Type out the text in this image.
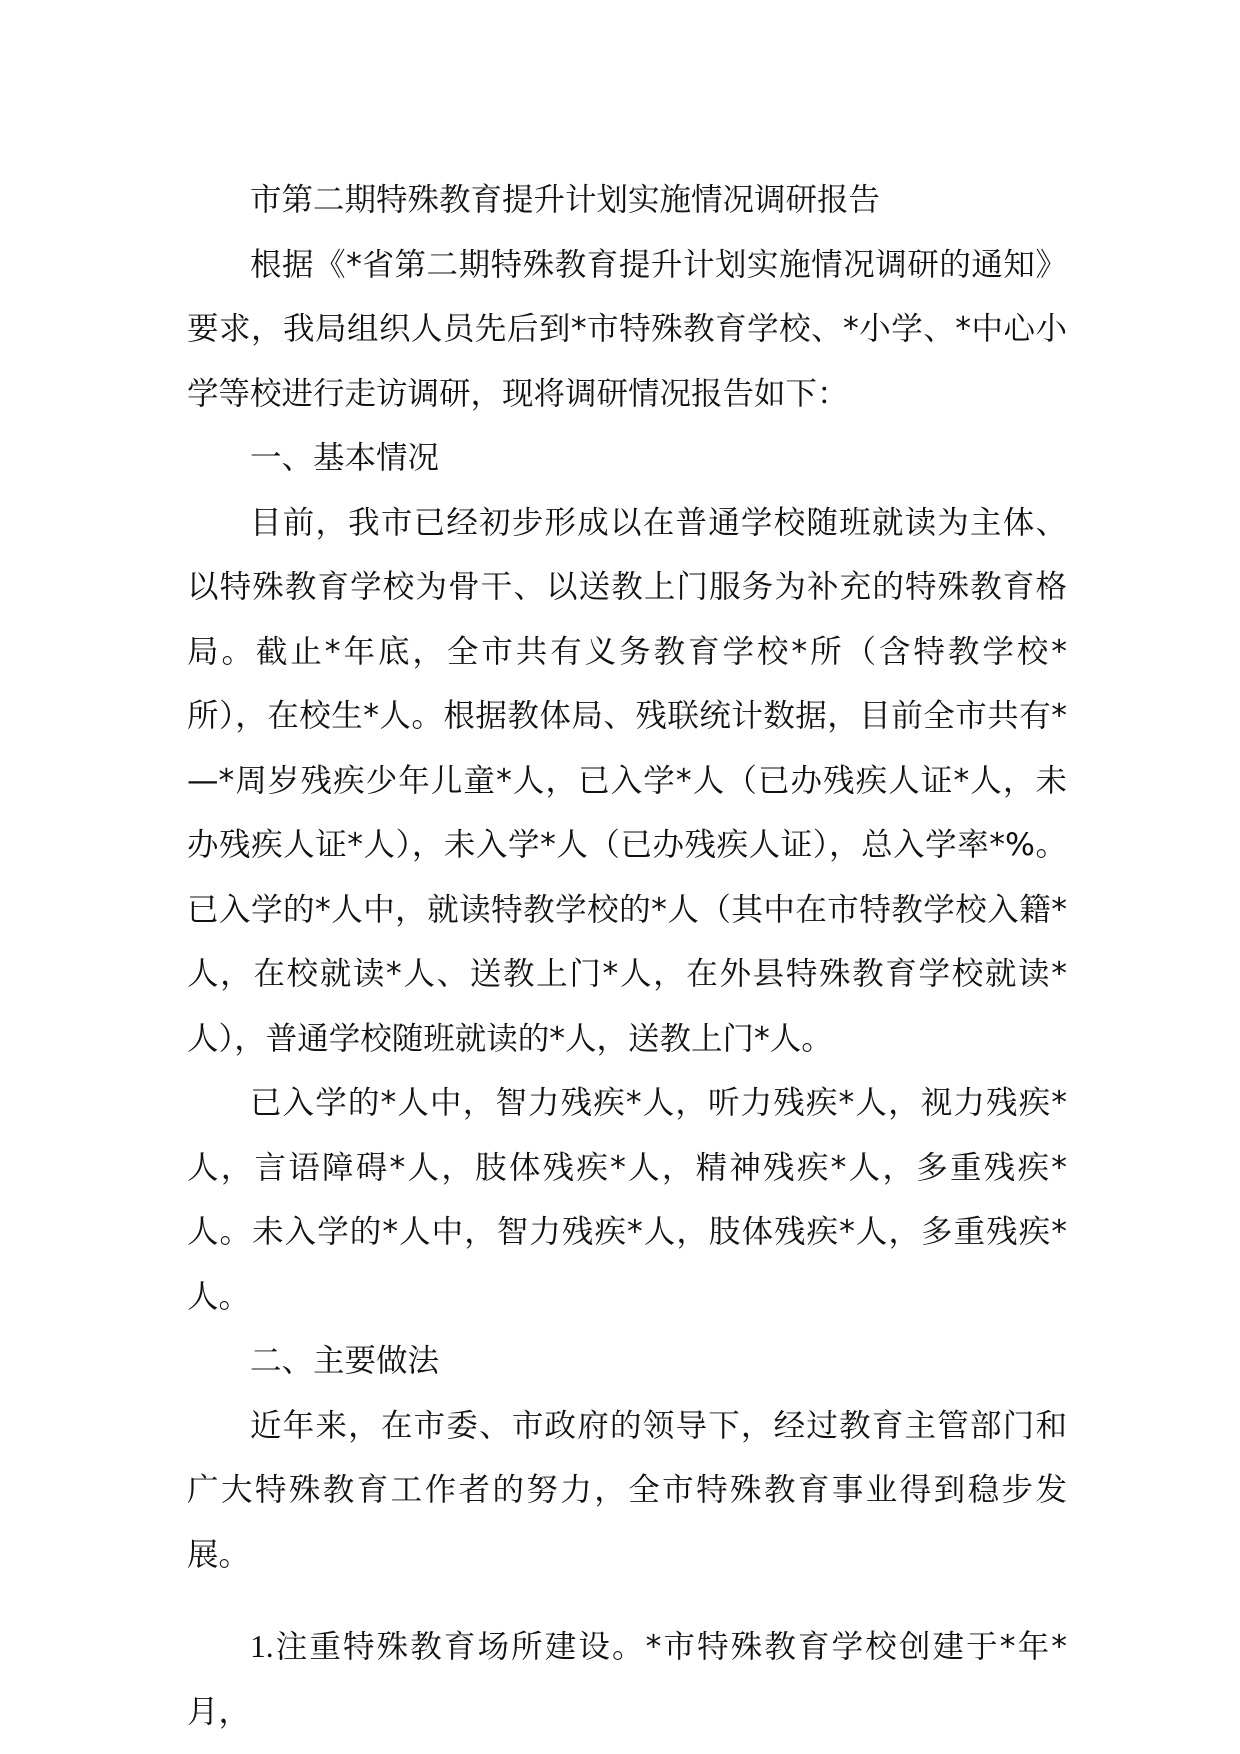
市第二期特殊教育提升计划实施情况调研报告

根据《*省第二期特殊教育提升计划实施情况调研的通知》要求，我局组织人员先后到*市特殊教育学校、*小学、*中心小学等校进行走访调研，现将调研情况报告如下：

一、基本情况

目前，我市已经初步形成以在普通学校随班就读为主体、以特殊教育学校为骨干、以送教上门服务为补充的特殊教育格局。截止*年底，全市共有义务教育学校*所（含特教学校*所），在校生*人。根据教体局、残联统计数据，目前全市共有*—*周岁残疾少年儿童*人，已入学*人（已办残疾人证*人，未办残疾人证*人），未入学*人（已办残疾人证），总入学率*%。已入学的*人中，就读特教学校的*人（其中在市特教学校入籍*人，在校就读*人、送教上门*人，在外县特殊教育学校就读*人），普通学校随班就读的*人，送教上门*人。

已入学的*人中，智力残疾*人，听力残疾*人，视力残疾*人，言语障碍*人，肢体残疾*人，精神残疾*人，多重残疾*人。未入学的*人中，智力残疾*人，肢体残疾*人，多重残疾*人。

二、主要做法

近年来，在市委、市政府的领导下，经过教育主管部门和广大特殊教育工作者的努力，全市特殊教育事业得到稳步发展。

1.注重特殊教育场所建设。*市特殊教育学校创建于*年*月，
